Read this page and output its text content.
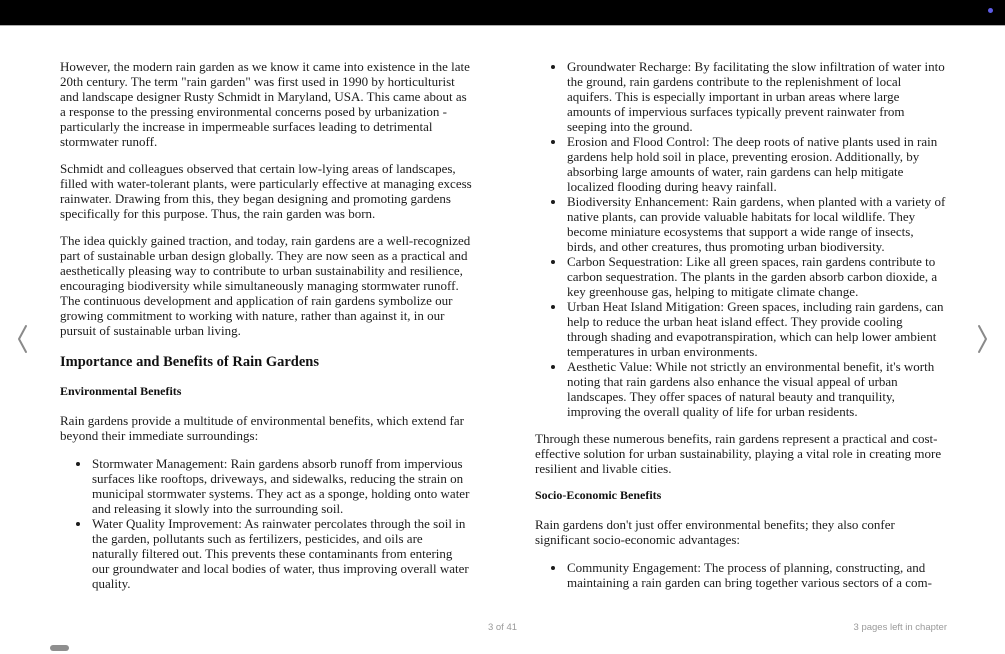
However, the modern rain garden as we know it came into existence in the late 20th century. The term "rain garden" was first used in 1990 by horticulturist and landscape designer Rusty Schmidt in Maryland, USA. This came about as a response to the pressing environmental concerns posed by urbanization - particularly the increase in impermeable surfaces leading to detrimental stormwater runoff.

Schmidt and colleagues observed that certain low-lying areas of landscapes, filled with water-tolerant plants, were particularly effective at managing excess rainwater. Drawing from this, they began designing and promoting gardens specifically for this purpose. Thus, the rain garden was born.

The idea quickly gained traction, and today, rain gardens are a well-recognized part of sustainable urban design globally. They are now seen as a practical and aesthetically pleasing way to contribute to urban sustainability and resilience, encouraging biodiversity while simultaneously managing stormwater runoff. The continuous development and application of rain gardens symbolize our growing commitment to working with nature, rather than against it, in our pursuit of sustainable urban living.

Importance and Benefits of Rain Gardens
Environmental Benefits

Rain gardens provide a multitude of environmental benefits, which extend far beyond their immediate surroundings:

• Stormwater Management: Rain gardens absorb runoff from impervious surfaces like rooftops, driveways, and sidewalks, reducing the strain on municipal stormwater systems. They act as a sponge, holding onto water and releasing it slowly into the surrounding soil.
• Water Quality Improvement: As rainwater percolates through the soil in the garden, pollutants such as fertilizers, pesticides, and oils are naturally filtered out. This prevents these contaminants from entering our groundwater and local bodies of water, thus improving overall water quality.
• Groundwater Recharge: By facilitating the slow infiltration of water into the ground, rain gardens contribute to the replenishment of local aquifers. This is especially important in urban areas where large amounts of impervious surfaces typically prevent rainwater from seeping into the ground.
• Erosion and Flood Control: The deep roots of native plants used in rain gardens help hold soil in place, preventing erosion. Additionally, by absorbing large amounts of water, rain gardens can help mitigate localized flooding during heavy rainfall.
• Biodiversity Enhancement: Rain gardens, when planted with a variety of native plants, can provide valuable habitats for local wildlife. They become miniature ecosystems that support a wide range of insects, birds, and other creatures, thus promoting urban biodiversity.
• Carbon Sequestration: Like all green spaces, rain gardens contribute to carbon sequestration. The plants in the garden absorb carbon dioxide, a key greenhouse gas, helping to mitigate climate change.
• Urban Heat Island Mitigation: Green spaces, including rain gardens, can help to reduce the urban heat island effect. They provide cooling through shading and evapotranspiration, which can help lower ambient temperatures in urban environments.
• Aesthetic Value: While not strictly an environmental benefit, it's worth noting that rain gardens also enhance the visual appeal of urban landscapes. They offer spaces of natural beauty and tranquility, improving the overall quality of life for urban residents.

Through these numerous benefits, rain gardens represent a practical and cost-effective solution for urban sustainability, playing a vital role in creating more resilient and livable cities.

Socio-Economic Benefits

Rain gardens don't just offer environmental benefits; they also confer significant socio-economic advantages:

• Community Engagement: The process of planning, constructing, and maintaining a rain garden can bring together various sectors of a com-
3 of 41	3 pages left in chapter
